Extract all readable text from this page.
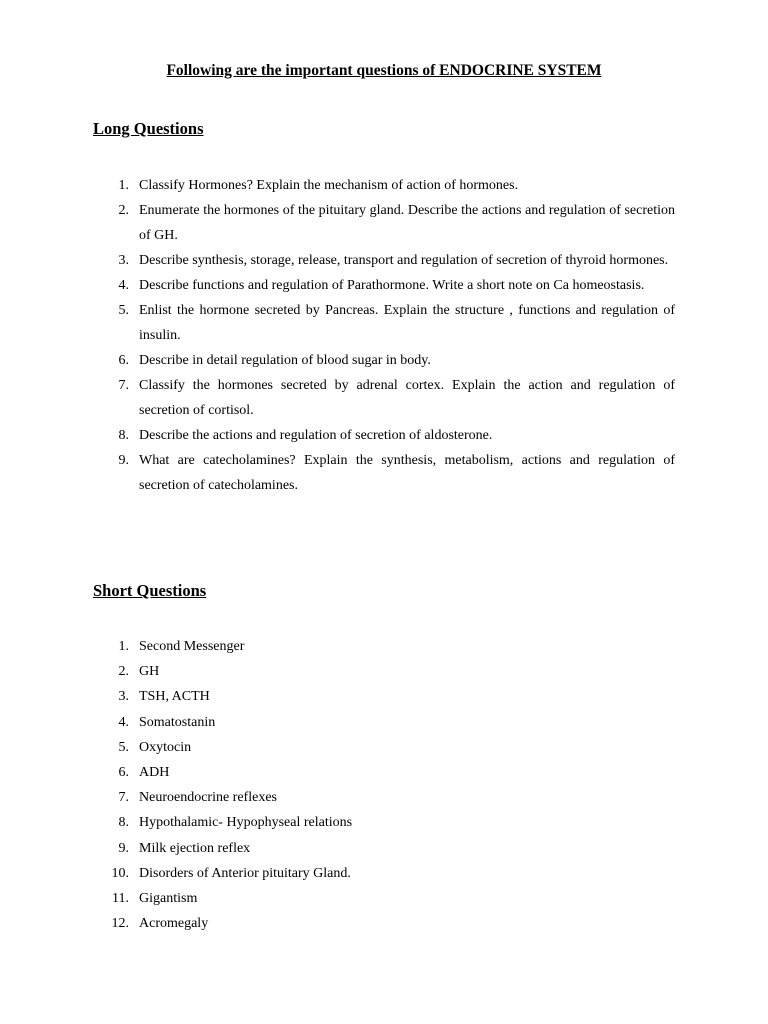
Following are the important questions of ENDOCRINE SYSTEM
Long Questions
1. Classify Hormones? Explain the mechanism of action of hormones.
2. Enumerate the hormones of the pituitary gland. Describe the actions and regulation of secretion of GH.
3. Describe synthesis, storage, release, transport and regulation of secretion of thyroid hormones.
4. Describe functions and regulation of Parathormone. Write a short note on Ca homeostasis.
5. Enlist the hormone secreted by Pancreas. Explain the structure , functions and regulation of insulin.
6. Describe in detail regulation of blood sugar in body.
7. Classify the hormones secreted by adrenal cortex. Explain the action and regulation of secretion of cortisol.
8. Describe the actions and regulation of secretion of aldosterone.
9. What are catecholamines? Explain the synthesis, metabolism, actions and regulation of secretion of catecholamines.
Short Questions
1. Second Messenger
2. GH
3. TSH, ACTH
4. Somatostanin
5. Oxytocin
6. ADH
7. Neuroendocrine reflexes
8. Hypothalamic- Hypophyseal relations
9. Milk ejection reflex
10. Disorders of Anterior pituitary Gland.
11. Gigantism
12. Acromegaly
